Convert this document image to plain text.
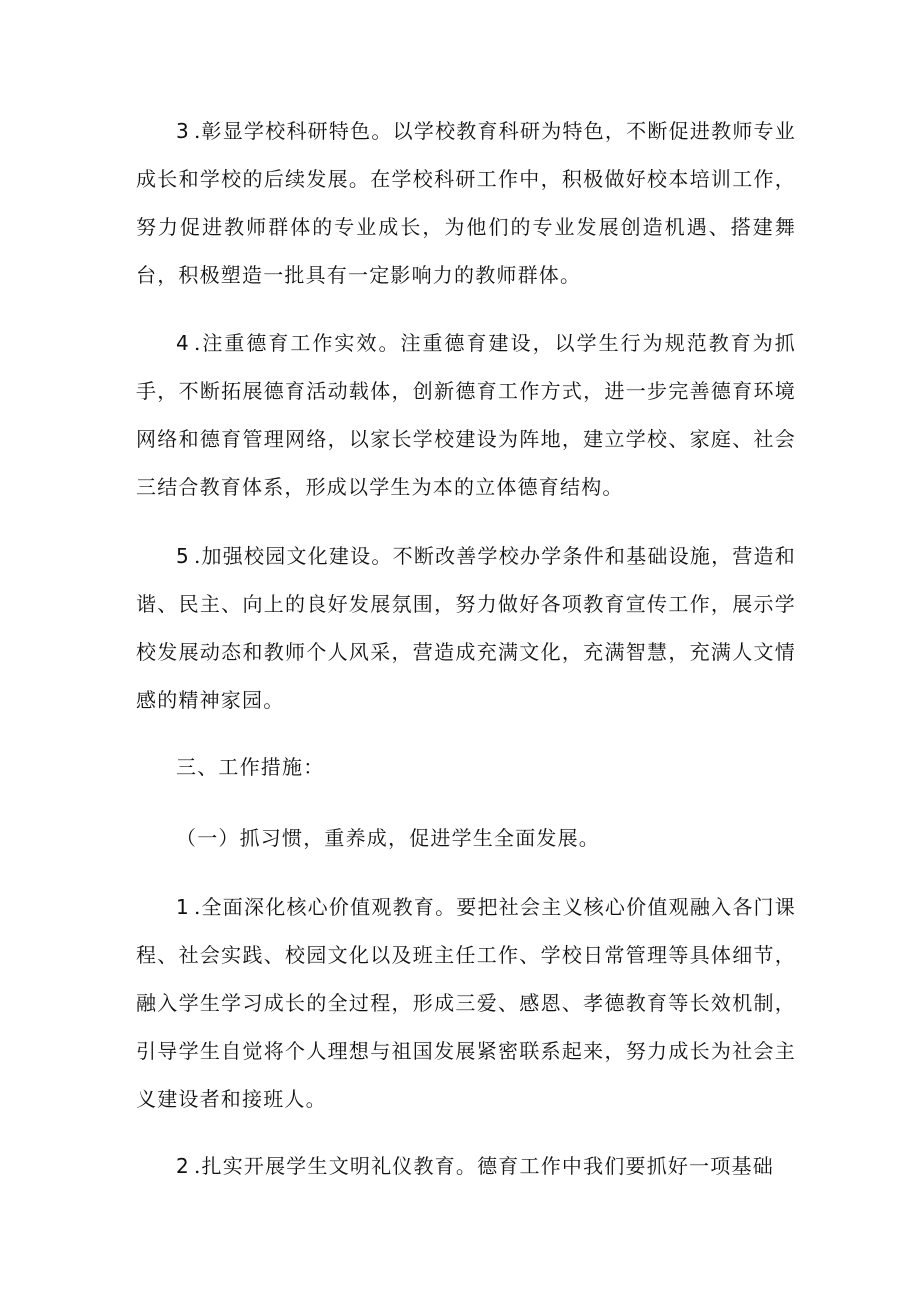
3 .彰显学校科研特色。以学校教育科研为特色，不断促进教师专业成长和学校的后续发展。在学校科研工作中，积极做好校本培训工作，努力促进教师群体的专业成长，为他们的专业发展创造机遇、搭建舞台，积极塑造一批具有一定影响力的教师群体。

4 .注重德育工作实效。注重德育建设，以学生行为规范教育为抓手，不断拓展德育活动载体，创新德育工作方式，进一步完善德育环境网络和德育管理网络，以家长学校建设为阵地，建立学校、家庭、社会三结合教育体系，形成以学生为本的立体德育结构。

5 .加强校园文化建设。不断改善学校办学条件和基础设施，营造和谐、民主、向上的良好发展氛围，努力做好各项教育宣传工作，展示学校发展动态和教师个人风采，营造成充满文化，充满智慧，充满人文情感的精神家园。

三、工作措施：

（一）抓习惯，重养成，促进学生全面发展。

1 .全面深化核心价值观教育。要把社会主义核心价值观融入各门课程、社会实践、校园文化以及班主任工作、学校日常管理等具体细节，融入学生学习成长的全过程，形成三爱、感恩、孝德教育等长效机制，引导学生自觉将个人理想与祖国发展紧密联系起来，努力成长为社会主义建设者和接班人。

2 .扎实开展学生文明礼仪教育。德育工作中我们要抓好一项基础
